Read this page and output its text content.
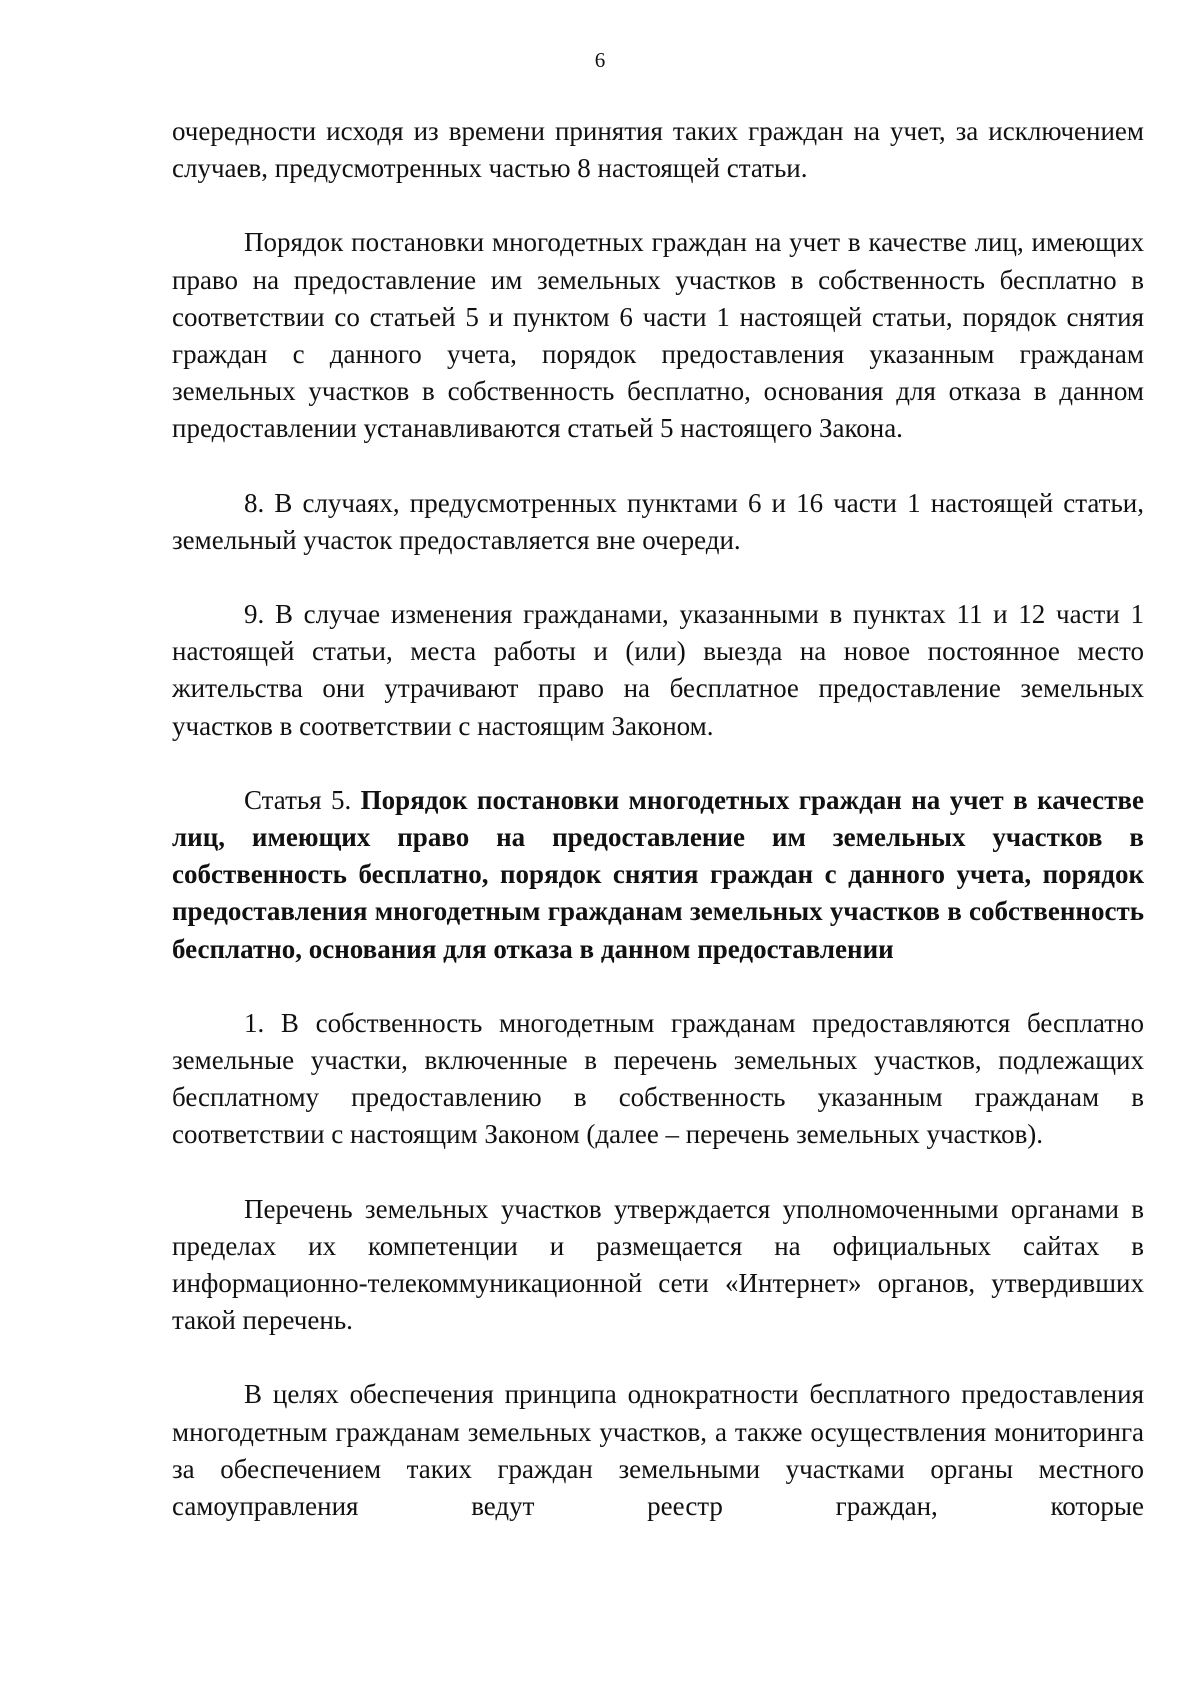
6

очередности исходя из времени принятия таких граждан на учет, за исключением случаев, предусмотренных частью 8 настоящей статьи.

Порядок постановки многодетных граждан на учет в качестве лиц, имеющих право на предоставление им земельных участков в собственность бесплатно в соответствии со статьей 5 и пунктом 6 части 1 настоящей статьи, порядок снятия граждан с данного учета, порядок предоставления указанным гражданам земельных участков в собственность бесплатно, основания для отказа в данном предоставлении устанавливаются статьей 5 настоящего Закона.

8. В случаях, предусмотренных пунктами 6 и 16 части 1 настоящей статьи, земельный участок предоставляется вне очереди.

9. В случае изменения гражданами, указанными в пунктах 11 и 12 части 1 настоящей статьи, места работы и (или) выезда на новое постоянное место жительства они утрачивают право на бесплатное предоставление земельных участков в соответствии с настоящим Законом.

Статья 5. Порядок постановки многодетных граждан на учет в качестве лиц, имеющих право на предоставление им земельных участков в собственность бесплатно, порядок снятия граждан с данного учета, порядок предоставления многодетным гражданам земельных участков в собственность бесплатно, основания для отказа в данном предоставлении

1. В собственность многодетным гражданам предоставляются бесплатно земельные участки, включенные в перечень земельных участков, подлежащих бесплатному предоставлению в собственность указанным гражданам в соответствии с настоящим Законом (далее – перечень земельных участков).

Перечень земельных участков утверждается уполномоченными органами в пределах их компетенции и размещается на официальных сайтах в информационно-телекоммуникационной сети «Интернет» органов, утвердивших такой перечень.

В целях обеспечения принципа однократности бесплатного предоставления многодетным гражданам земельных участков, а также осуществления мониторинга за обеспечением таких граждан земельными участками органы местного самоуправления ведут реестр граждан, которые
